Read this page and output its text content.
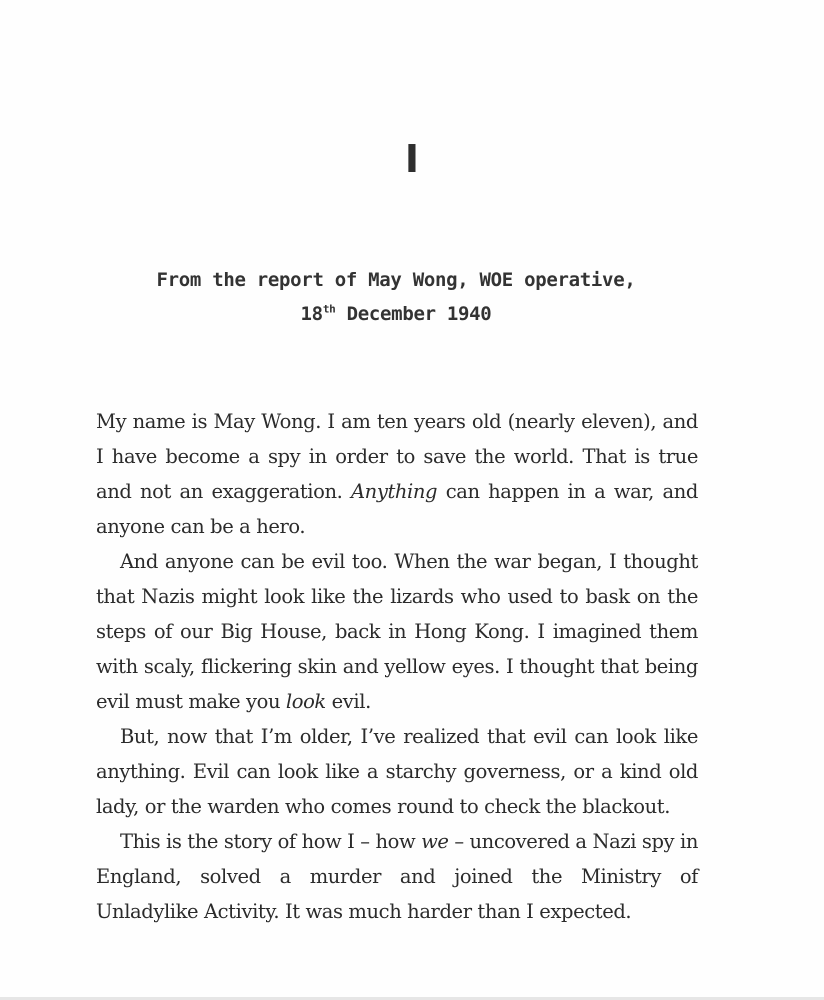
I
From the report of May Wong, WOE operative,
18th December 1940

My name is May Wong. I am ten years old (nearly eleven), and I have become a spy in order to save the world. That is true and not an exaggeration. Anything can happen in a war, and anyone can be a hero.

And anyone can be evil too. When the war began, I thought that Nazis might look like the lizards who used to bask on the steps of our Big House, back in Hong Kong. I imagined them with scaly, flickering skin and yellow eyes. I thought that being evil must make you look evil.

But, now that I’m older, I’ve realized that evil can look like anything. Evil can look like a starchy governess, or a kind old lady, or the warden who comes round to check the blackout.

This is the story of how I – how we – uncovered a Nazi spy in England, solved a murder and joined the Ministry of Unladylike Activity. It was much harder than I expected.
